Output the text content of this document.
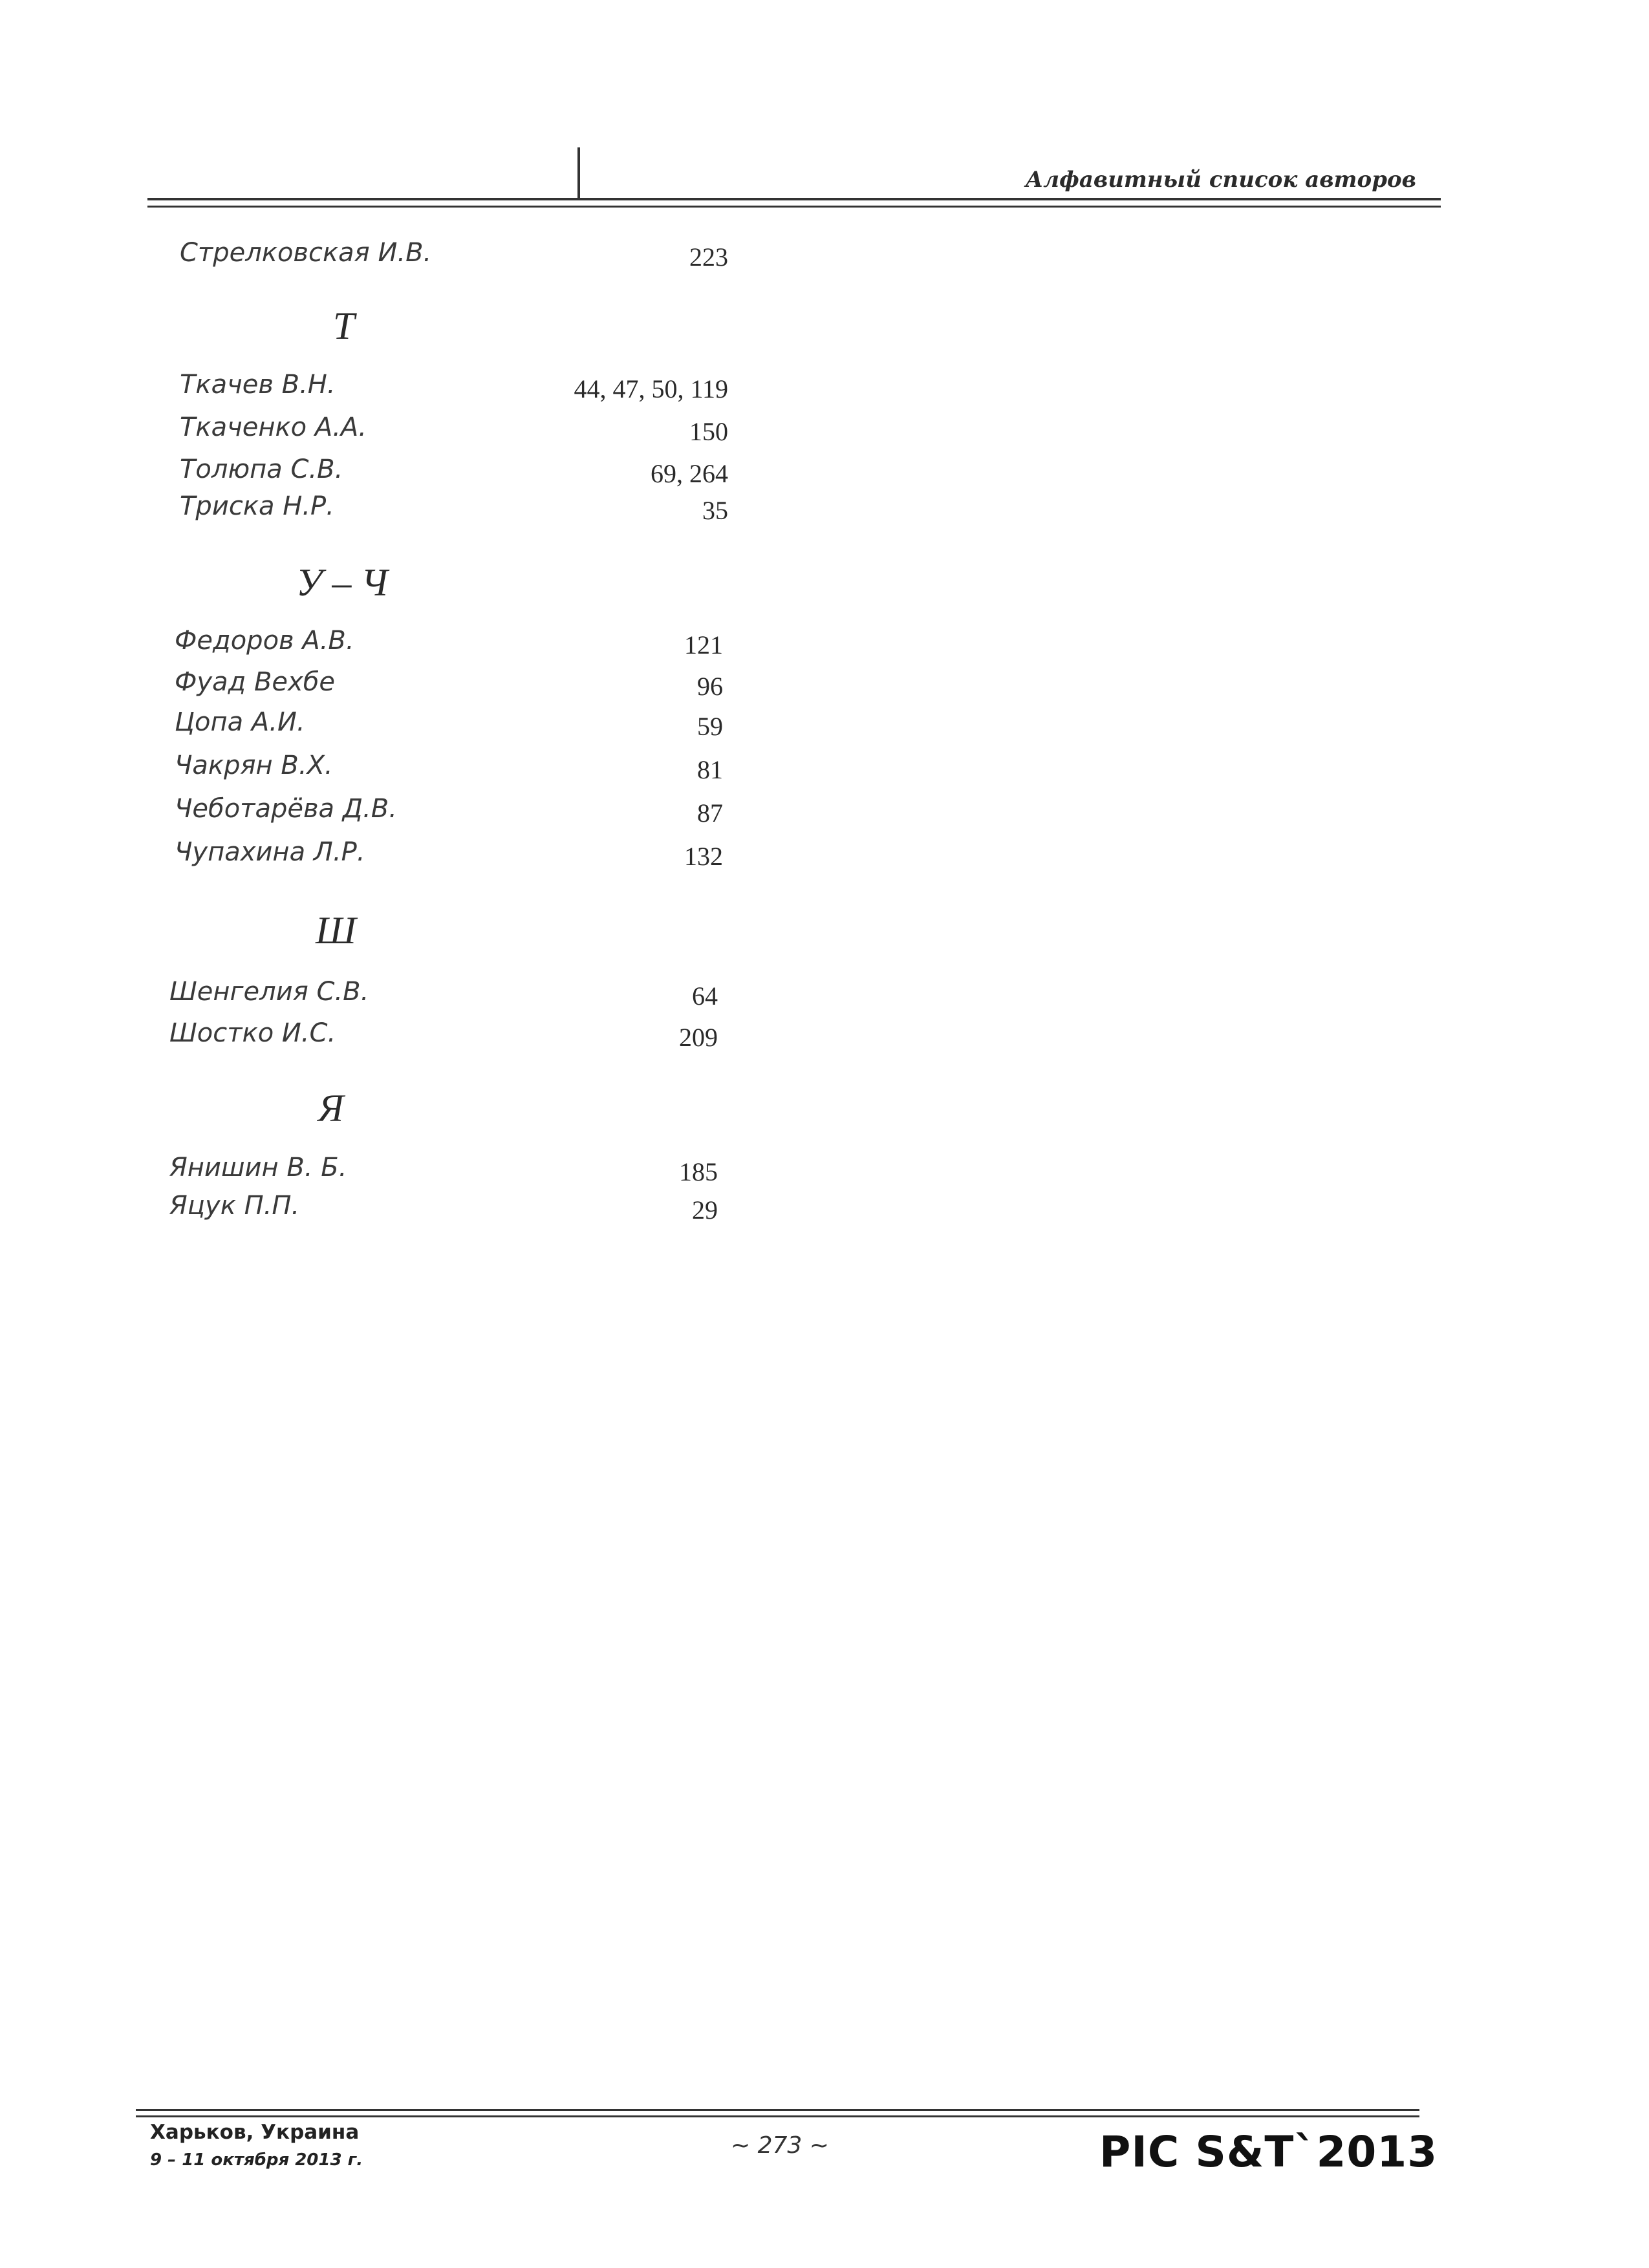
Алфавитный список авторов
Стрелковская И.В.	223
Т
Ткачев В.Н.	44, 47, 50, 119
Ткаченко А.А.	150
Толюпа С.В.	69, 264
Триска Н.Р.	35
У – Ч
Федоров А.В.	121
Фуад Вехбе	96
Цопа А.И.	59
Чакрян В.Х.	81
Чеботарёва Д.В.	87
Чупахина Л.Р.	132
Ш
Шенгелия С.В.	64
Шостко И.С.	209
Я
Янишин В. Б.	185
Яцук П.П.	29
Харьков, Украина
9 – 11 октября 2013 г.
~ 273 ~	PIC S&T`2013
